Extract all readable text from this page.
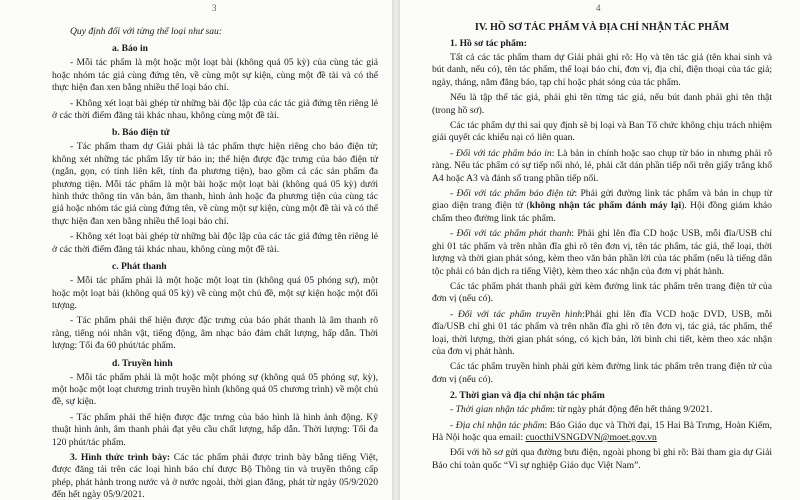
3

Quy định đối với từng thể loại như sau:

a. Báo in

- Mỗi tác phẩm là một hoặc một loạt bài (không quá 05 kỳ) của cùng tác giả hoặc nhóm tác giả cùng đứng tên, về cùng một sự kiện, cùng một đề tài và có thể thực hiện đan xen bằng nhiều thể loại báo chí.

- Không xét loạt bài ghép từ những bài độc lập của các tác giả đứng tên riêng lẻ ở các thời điểm đăng tải khác nhau, không cùng một đề tài.

b. Báo điện tử

- Tác phẩm tham dự Giải phải là tác phẩm thực hiện riêng cho báo điện tử; không xét những tác phẩm lấy từ báo in; thể hiện được đặc trưng của báo điện tử (ngắn, gọn, có tính liên kết, tính đa phương tiện), bao gồm cả các sản phẩm đa phương tiện. Mỗi tác phẩm là một bài hoặc một loạt bài (không quá 05 kỳ) dưới hình thức thông tin văn bản, âm thanh, hình ảnh hoặc đa phương tiện của cùng tác giả hoặc nhóm tác giả cùng đứng tên, về cùng một sự kiện, cùng một đề tài và có thể thực hiện đan xen bằng nhiều thể loại báo chí.

- Không xét loạt bài ghép từ những bài độc lập của các tác giả đứng tên riêng lẻ ở các thời điểm đăng tải khác nhau, không cùng một đề tài.

c. Phát thanh

- Mỗi tác phẩm phải là một hoặc một loạt tin (không quá 05 phóng sự), một hoặc một loạt bài (không quá 05 kỳ) về cùng một chủ đề, một sự kiện hoặc một đối tượng.

- Tác phẩm phải thể hiện được đặc trưng của báo phát thanh là âm thanh rõ ràng, tiếng nói nhân vật, tiếng động, âm nhạc bảo đảm chất lượng, hấp dẫn. Thời lượng: Tối đa 60 phút/tác phẩm.

d. Truyền hình

- Mỗi tác phẩm phải là một hoặc một phóng sự (không quá 05 phóng sự, kỳ), một hoặc một loạt chương trình truyền hình (không quá 05 chương trình) về một chủ đề, sự kiện.

- Tác phẩm phải thể hiện được đặc trưng của báo hình là hình ảnh động. Kỹ thuật hình ảnh, âm thanh phải đạt yêu cầu chất lượng, hấp dẫn. Thời lượng: Tối đa 120 phút/tác phẩm.

3. Hình thức trình bày: Các tác phẩm phải được trình bày bằng tiếng Việt, được đăng tải trên các loại hình báo chí được Bộ Thông tin và truyền thông cấp phép, phát hành trong nước và ở nước ngoài, thời gian đăng, phát từ ngày 05/9/2020 đến hết ngày 05/9/2021.

4
IV. HỒ SƠ TÁC PHẨM VÀ ĐỊA CHỈ NHẬN TÁC PHẨM
1. Hồ sơ tác phẩm:

Tất cả các tác phẩm tham dự Giải phải ghi rõ: Họ và tên tác giả (tên khai sinh và bút danh, nếu có), tên tác phẩm, thể loại báo chí, đơn vị, địa chỉ, điện thoại của tác giả; ngày, tháng, năm đăng báo, tạp chí hoặc phát sóng của tác phẩm.

Nếu là tập thể tác giả, phải ghi tên từng tác giả, nếu bút danh phải ghi tên thật (trong hồ sơ).

Các tác phẩm dự thi sai quy định sẽ bị loại và Ban Tổ chức không chịu trách nhiệm giải quyết các khiếu nại có liên quan.

- Đối với tác phẩm báo in: Là bản in chính hoặc sao chụp từ báo in nhưng phải rõ ràng. Nếu tác phẩm có sự tiếp nối nhỏ, lẻ, phải cắt dán phần tiếp nối trên giấy trắng khổ A4 hoặc A3 và đánh số trang phần tiếp nối.

- Đối với tác phẩm báo điện tử: Phải gửi đường link tác phẩm và bản in chụp từ giao diện trang điện tử (không nhận tác phẩm đánh máy lại). Hội đồng giám khảo chấm theo đường link tác phẩm.

- Đối với tác phẩm phát thanh: Phải ghi lên đĩa CD hoặc USB, mỗi đĩa/USB chỉ ghi 01 tác phẩm và trên nhãn đĩa ghi rõ tên đơn vị, tên tác phẩm, tác giả, thể loại, thời lượng và thời gian phát sóng, kèm theo văn bản phần lời của tác phẩm (nếu là tiếng dân tộc phải có bản dịch ra tiếng Việt), kèm theo xác nhận của đơn vị phát hành.

Các tác phẩm phát thanh phải gửi kèm đường link tác phẩm trên trang điện tử của đơn vị (nếu có).

- Đối với tác phẩm truyền hình:Phải ghi lên đĩa VCD hoặc DVD, USB, mỗi đĩa/USB chỉ ghi 01 tác phẩm và trên nhãn đĩa ghi rõ tên đơn vị, tác giả, tác phẩm, thể loại, thời lượng, thời gian phát sóng, có kịch bản, lời bình chi tiết, kèm theo xác nhận của đơn vị phát hành.

Các tác phẩm truyền hình phải gửi kèm đường link tác phẩm trên trang điện tử của đơn vị (nếu có).

2. Thời gian và địa chỉ nhận tác phẩm

- Thời gian nhận tác phẩm: từ ngày phát động đến hết tháng 9/2021.

- Địa chỉ nhận tác phẩm: Báo Giáo dục và Thời đại, 15 Hai Bà Trưng, Hoàn Kiếm, Hà Nội hoặc qua email: cuocthiVSNGDVN@moet.gov.vn

Đối với hồ sơ gửi qua đường bưu điện, ngoài phong bì ghi rõ: Bài tham gia dự Giải Báo chí toàn quốc “Vì sự nghiệp Giáo dục Việt Nam”.
